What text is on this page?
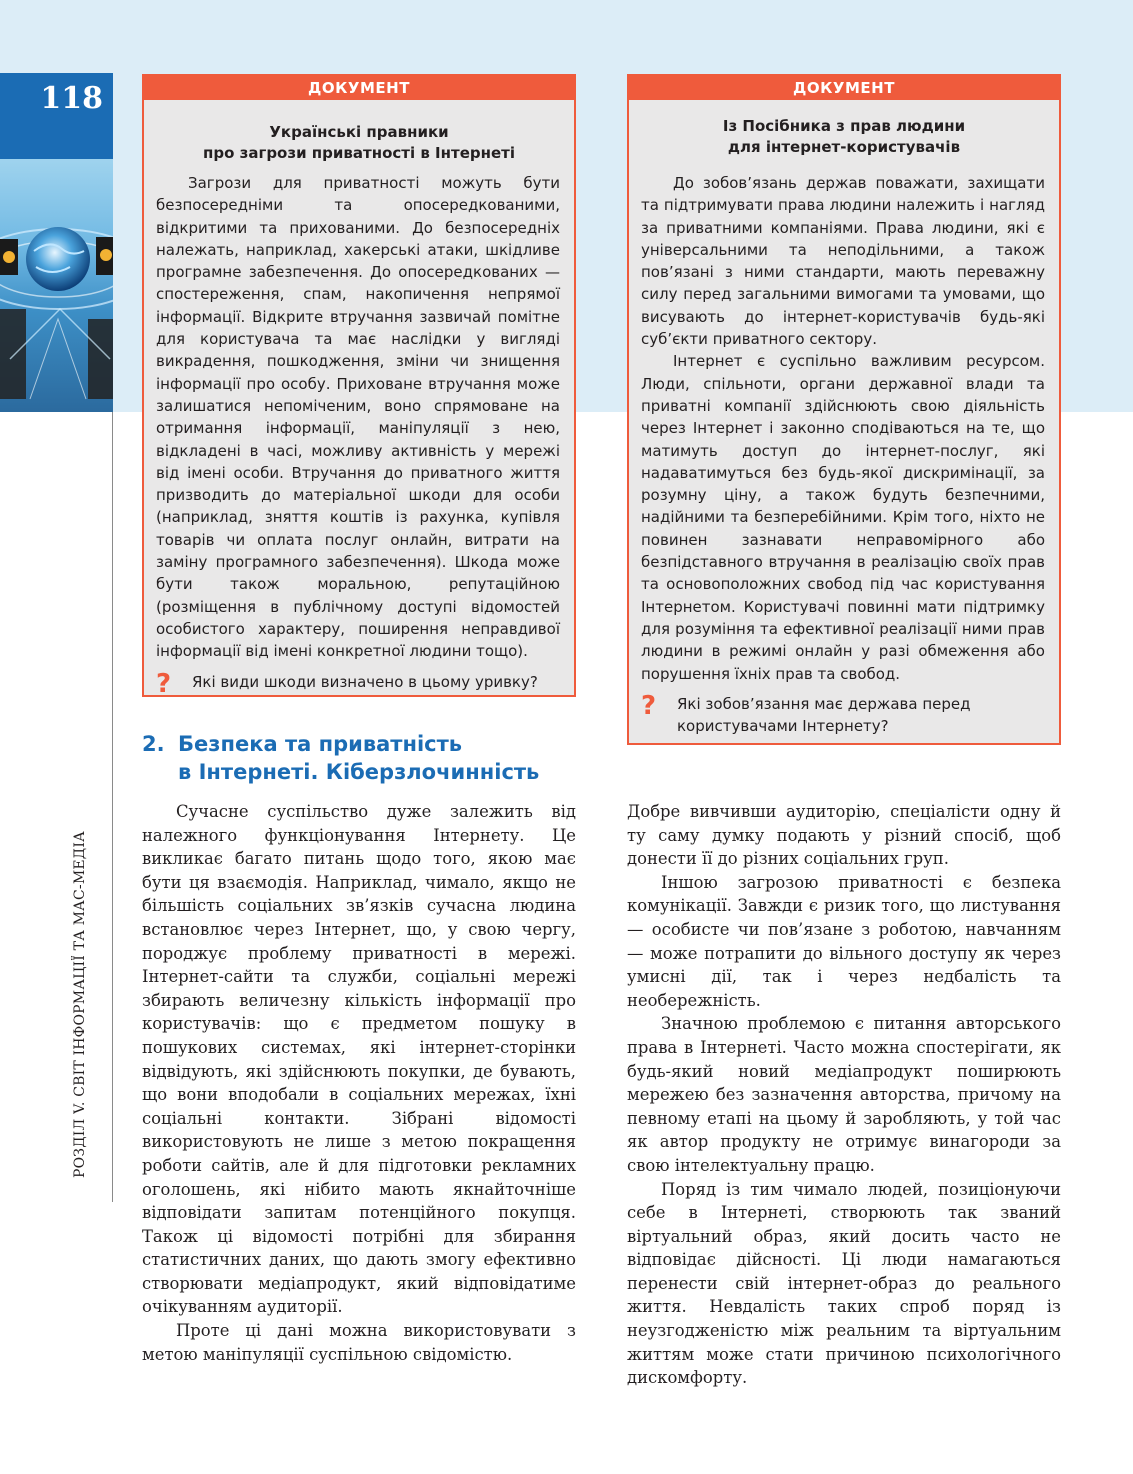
118
РОЗДІЛ V. СВІТ ІНФОРМАЦІЇ ТА МАС-МЕДІА
ДОКУМЕНТ
Українські правники
про загрози приватності в Інтернеті

Загрози для приватності можуть бути безпосередніми та опосередкованими, відкритими та прихованими. До безпосередніх належать, наприклад, хакерські атаки, шкідливе програмне забезпечення. До опосередкованих — спостереження, спам, накопичення непрямої інформації. Відкрите втручання зазвичай помітне для користувача та має наслідки у вигляді викрадення, пошкодження, зміни чи знищення інформації про особу. Приховане втручання може залишатися непоміченим, воно спрямоване на отримання інформації, маніпуляції з нею, відкладені в часі, можливу активність у мережі від імені особи. Втручання до приватного життя призводить до матеріальної шкоди для особи (наприклад, зняття коштів із рахунка, купівля товарів чи оплата послуг онлайн, витрати на заміну програмного забезпечення). Шкода може бути також моральною, репутаційною (розміщення в публічному доступі відомостей особистого характеру, поширення неправдивої інформації від імені конкретної людини тощо).

? Які види шкоди визначено в цьому уривку?
ДОКУМЕНТ
Із Посібника з прав людини
для інтернет-користувачів

До зобов’язань держав поважати, захищати та підтримувати права людини належить і нагляд за приватними компаніями. Права людини, які є універсальними та неподільними, а також пов’язані з ними стандарти, мають переважну силу перед загальними вимогами та умовами, що висувають до інтернет-користувачів будь-які суб’єкти приватного сектору.

Інтернет є суспільно важливим ресурсом. Люди, спільноти, органи державної влади та приватні компанії здійснюють свою діяльність через Інтернет і законно сподіваються на те, що матимуть доступ до інтернет-послуг, які надаватимуться без будь-якої дискримінації, за розумну ціну, а також будуть безпечними, надійними та безперебійними. Крім того, ніхто не повинен зазнавати неправомірного або безпідставного втручання в реалізацію своїх прав та основоположних свобод під час користування Інтернетом. Користувачі повинні мати підтримку для розуміння та ефективної реалізації ними прав людини в режимі онлайн у разі обмеження або порушення їхніх прав та свобод.

? Які зобов’язання має держава перед користувачами Інтернету?
2. Безпека та приватність
в Інтернеті. Кіберзлочинність

Сучасне суспільство дуже залежить від належного функціонування Інтернету. Це викликає багато питань щодо того, якою має бути ця взаємодія. Наприклад, чимало, якщо не більшість соціальних зв’язків сучасна людина встановлює через Інтернет, що, у свою чергу, породжує проблему приватності в мережі. Інтернет-сайти та служби, соціальні мережі збирають величезну кількість інформації про користувачів: що є предметом пошуку в пошукових системах, які інтернет-сторінки відвідують, які здійснюють покупки, де бувають, що вони вподобали в соціальних мережах, їхні соціальні контакти. Зібрані відомості використовують не лише з метою покращення роботи сайтів, але й для підготовки рекламних оголошень, які нібито мають якнайточніше відповідати запитам потенційного покупця. Також ці відомості потрібні для збирання статистичних даних, що дають змогу ефективно створювати медіапродукт, який відповідатиме очікуванням аудиторії.

Проте ці дані можна використовувати з метою маніпуляції суспільною свідомістю.

Добре вивчивши аудиторію, спеціалісти одну й ту саму думку подають у різний спосіб, щоб донести її до різних соціальних груп.

Іншою загрозою приватності є безпека комунікації. Завжди є ризик того, що листування — особисте чи пов’язане з роботою, навчанням — може потрапити до вільного доступу як через умисні дії, так і через недбалість та необережність.

Значною проблемою є питання авторського права в Інтернеті. Часто можна спостерігати, як будь-який новий медіапродукт поширюють мережею без зазначення авторства, причому на певному етапі на цьому й заробляють, у той час як автор продукту не отримує винагороди за свою інтелектуальну працю.

Поряд із тим чимало людей, позиціонуючи себе в Інтернеті, створюють так званий віртуальний образ, який досить часто не відповідає дійсності. Ці люди намагаються перенести свій інтернет-образ до реального життя. Невдалість таких спроб поряд із неузгодженістю між реальним та віртуальним життям може стати причиною психологічного дискомфорту.
